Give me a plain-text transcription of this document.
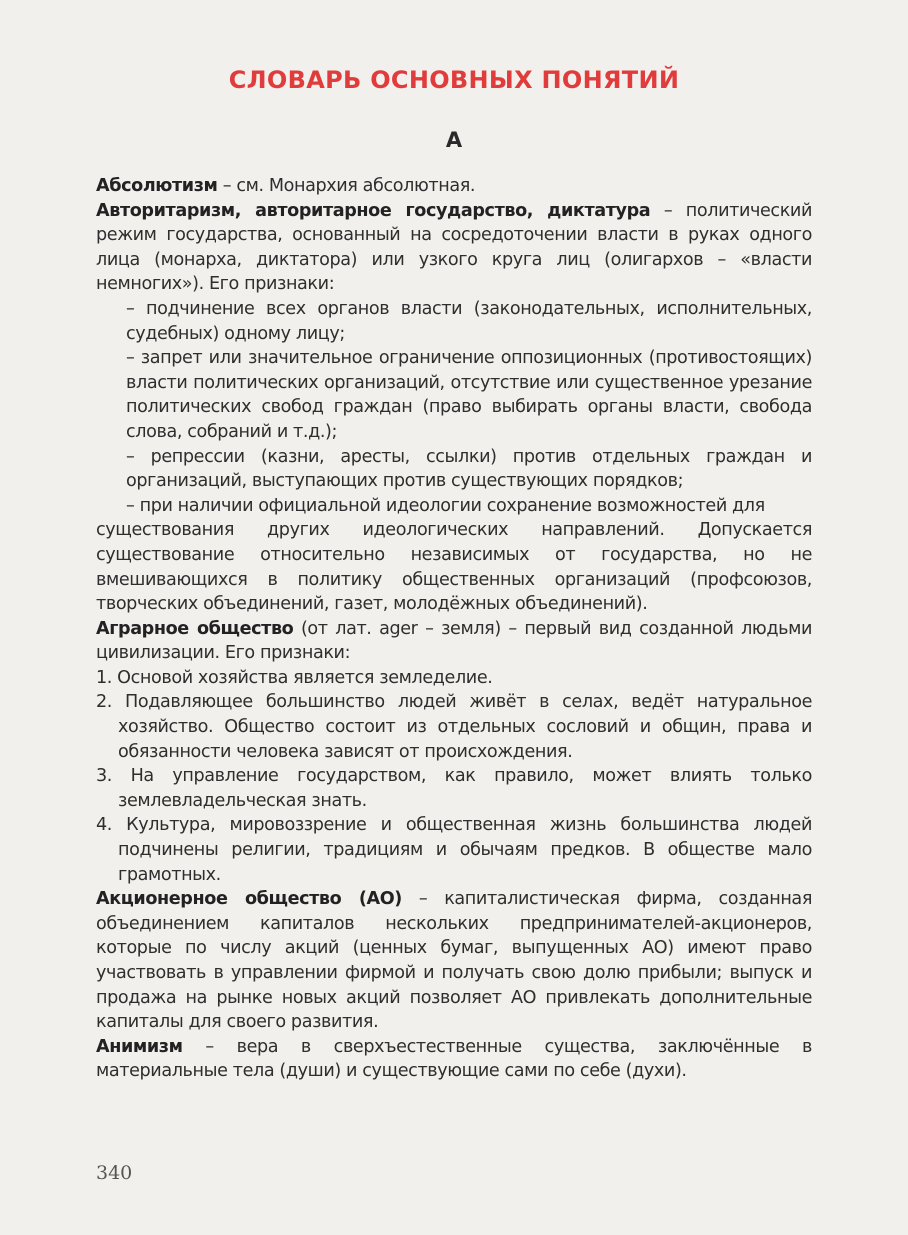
СЛОВАРЬ ОСНОВНЫХ ПОНЯТИЙ
А

Абсолютизм – см. Монархия абсолютная.

Авторитаризм, авторитарное государство, диктатура – политический режим государства, основанный на сосредоточении власти в руках одного лица (монарха, диктатора) или узкого круга лиц (олигархов – «власти немногих»). Его признаки:

– подчинение всех органов власти (законодательных, исполнительных, судебных) одному лицу;

– запрет или значительное ограничение оппозиционных (противостоящих) власти политических организаций, отсутствие или существенное урезание политических свобод граждан (право выбирать органы власти, свобода слова, собраний и т.д.);

– репрессии (казни, аресты, ссылки) против отдельных граждан и организаций, выступающих против существующих порядков;

– при наличии официальной идеологии сохранение возможностей для

существования других идеологических направлений. Допускается существование относительно независимых от государства, но не вмешивающихся в политику общественных организаций (профсоюзов, творческих объединений, газет, молодёжных объединений).

Аграрное общество (от лат. ager – земля) – первый вид созданной людьми цивилизации. Его признаки:

1. Основой хозяйства является земледелие.

2. Подавляющее большинство людей живёт в селах, ведёт натуральное хозяйство. Общество состоит из отдельных сословий и общин, права и обязанности человека зависят от происхождения.

3. На управление государством, как правило, может влиять только землевладельческая знать.

4. Культура, мировоззрение и общественная жизнь большинства людей подчинены религии, традициям и обычаям предков. В обществе мало грамотных.

Акционерное общество (АО) – капиталистическая фирма, созданная объединением капиталов нескольких предпринимателей-акционеров, которые по числу акций (ценных бумаг, выпущенных АО) имеют право участвовать в управлении фирмой и получать свою долю прибыли; выпуск и продажа на рынке новых акций позволяет АО привлекать дополнительные капиталы для своего развития.

Анимизм – вера в сверхъестественные существа, заключённые в материальные тела (души) и существующие сами по себе (духи).

340
